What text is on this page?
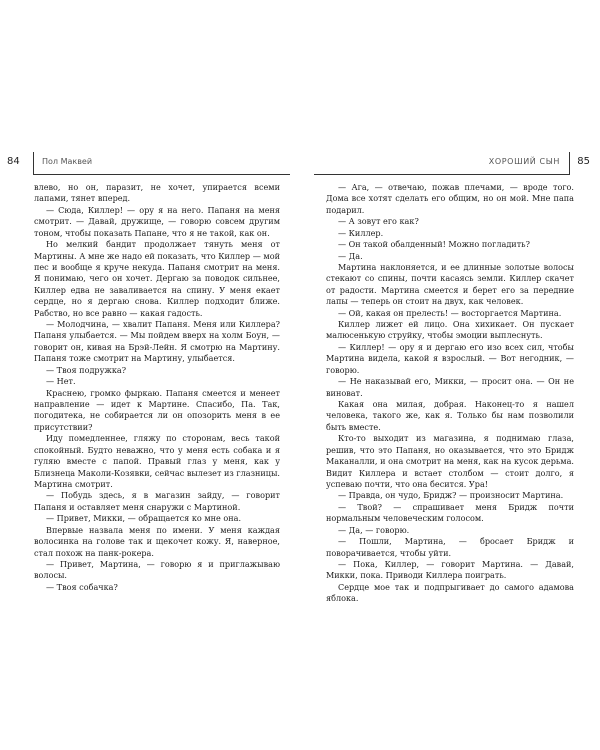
84	Пол Маквей

влево, но он, паразит, не хочет, упирается всеми лапами, тянет вперед.

— Сюда, Киллер! — ору я на него. Папаня на меня смотрит. — Давай, дружище, — говорю совсем другим тоном, чтобы показать Папане, что я не такой, как он.

Но мелкий бандит продолжает тянуть меня от Мартины. А мне же надо ей показать, что Киллер — мой пес и вообще я круче некуда. Папаня смотрит на меня. Я понимаю, чего он хочет. Дергаю за поводок сильнее, Киллер едва не заваливается на спину. У меня екает сердце, но я дергаю снова. Киллер подходит ближе. Рабство, но все равно — какая гадость.

— Молодчина, — хвалит Папаня. Меня или Киллера? Папаня улыбается. — Мы пойдем вверх на холм Боун, — говорит он, кивая на Брэй-Лейн. Я смотрю на Мартину. Папаня тоже смотрит на Мартину, улыбается.

— Твоя подружка?

— Нет.

Краснею, громко фыркаю. Папаня смеется и менеет направление — идет к Мартине. Спасибо, Па. Так, погодитека, не собирается ли он опозорить меня в ее присутствии?

Иду помедленнее, гляжу по сторонам, весь такой спокойный. Будто неважно, что у меня есть собака и я гуляю вместе с папой. Правый глаз у меня, как у Близнеца Маколи-Козявки, сейчас вылезет из глазницы. Мартина смотрит.

— Побудь здесь, я в магазин зайду, — говорит Папаня и оставляет меня снаружи с Мартиной.

— Привет, Микки, — обращается ко мне она.

Впервые назвала меня по имени. У меня каждая волосинка на голове так и щекочет кожу. Я, наверное, стал похож на панк-рокера.

— Привет, Мартина, — говорю я и приглажываю волосы.

— Твоя собачка?

ХОРОШИЙ СЫН 85

— Ага, — отвечаю, пожав плечами, — вроде того. Дома все хотят сделать его общим, но он мой. Мне папа подарил.

— А зовут его как?

— Киллер.

— Он такой обалденный! Можно погладить?

— Да.

Мартина наклоняется, и ее длинные золотые волосы стекают со спины, почти касаясь земли. Киллер скачет от радости. Мартина смеется и берет его за передние лапы — теперь он стоит на двух, как человек.

— Ой, какая он прелесть! — восторгается Мартина.

Киллер лижет ей лицо. Она хихикает. Он пускает малюсенькую струйку, чтобы эмоции выплеснуть.

— Киллер! — ору я и дергаю его изо всех сил, чтобы Мартина видела, какой я взрослый. — Вот негодник, — говорю.

— Не наказывай его, Микки, — просит она. — Он не виноват.

Какая она милая, добрая. Наконец-то я нашел человека, такого же, как я. Только бы нам позволили быть вместе.

Кто-то выходит из магазина, я поднимаю глаза, решив, что это Папаня, но оказывается, что это Бридж Маканалли, и она смотрит на меня, как на кусок дерьма. Видит Киллера и встает столбом — стоит долго, я успеваю почти, что она бесится. Ура!

— Правда, он чудо, Бридж? — произносит Мартина.

— Твой? — спрашивает меня Бридж почти нормальным человеческим голосом.

— Да, — говорю.

— Пошли, Мартина, — бросает Бридж и поворачивается, чтобы уйти.

— Пока, Киллер, — говорит Мартина. — Давай, Микки, пока. Приводи Киллера поиграть.

Сердце мое так и подпрыгивает до самого адамова яблока.
